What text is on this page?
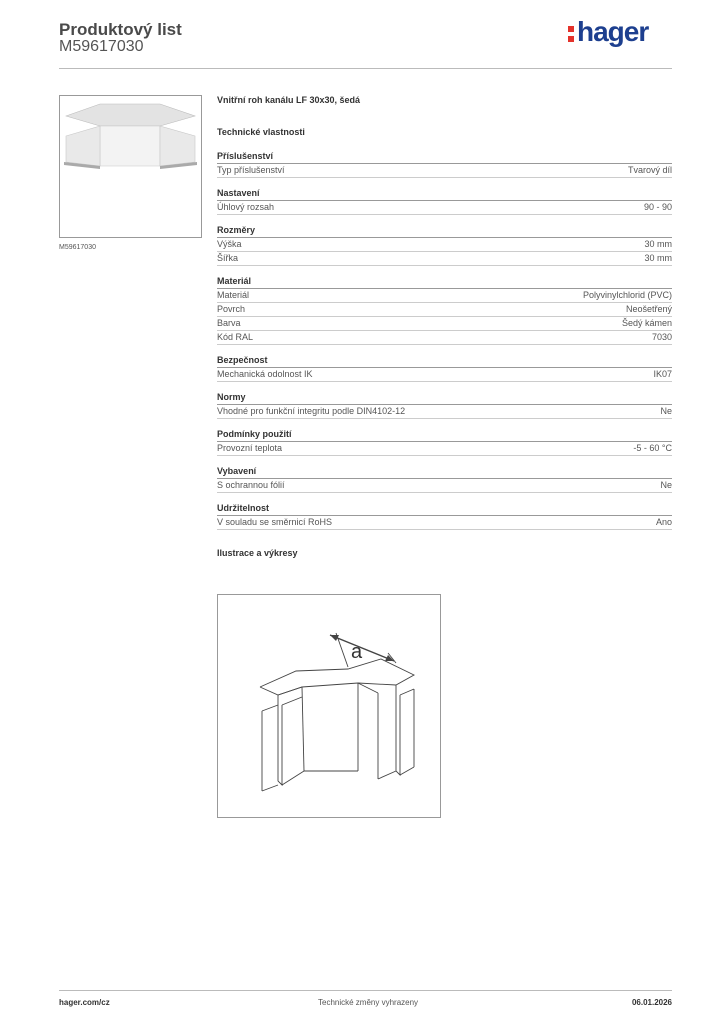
Produktový list
M59617030	hager
M59617030
Vnitřní roh kanálu LF 30x30, šedá
Technické vlastnosti
Příslušenství
Typ příslušenství	Tvarový díl
Nastavení
Úhlový rozsah	90 - 90
Rozměry
Výška	30 mm
Šířka	30 mm
Materiál
Materiál	Polyvinylchlorid (PVC)
Povrch	Neošetřený
Barva	Šedý kámen
Kód RAL	7030
Bezpečnost
Mechanická odolnost IK	IK07
Normy
Vhodné pro funkční integritu podle DIN4102-12	Ne
Podmínky použití
Provozní teplota	-5 - 60 °C
Vybavení
S ochrannou fólií	Ne
Udržitelnost
V souladu se směrnicí RoHS	Ano
Ilustrace a výkresy
a
hager.com/cz	Technické změny vyhrazeny	06.01.2026
